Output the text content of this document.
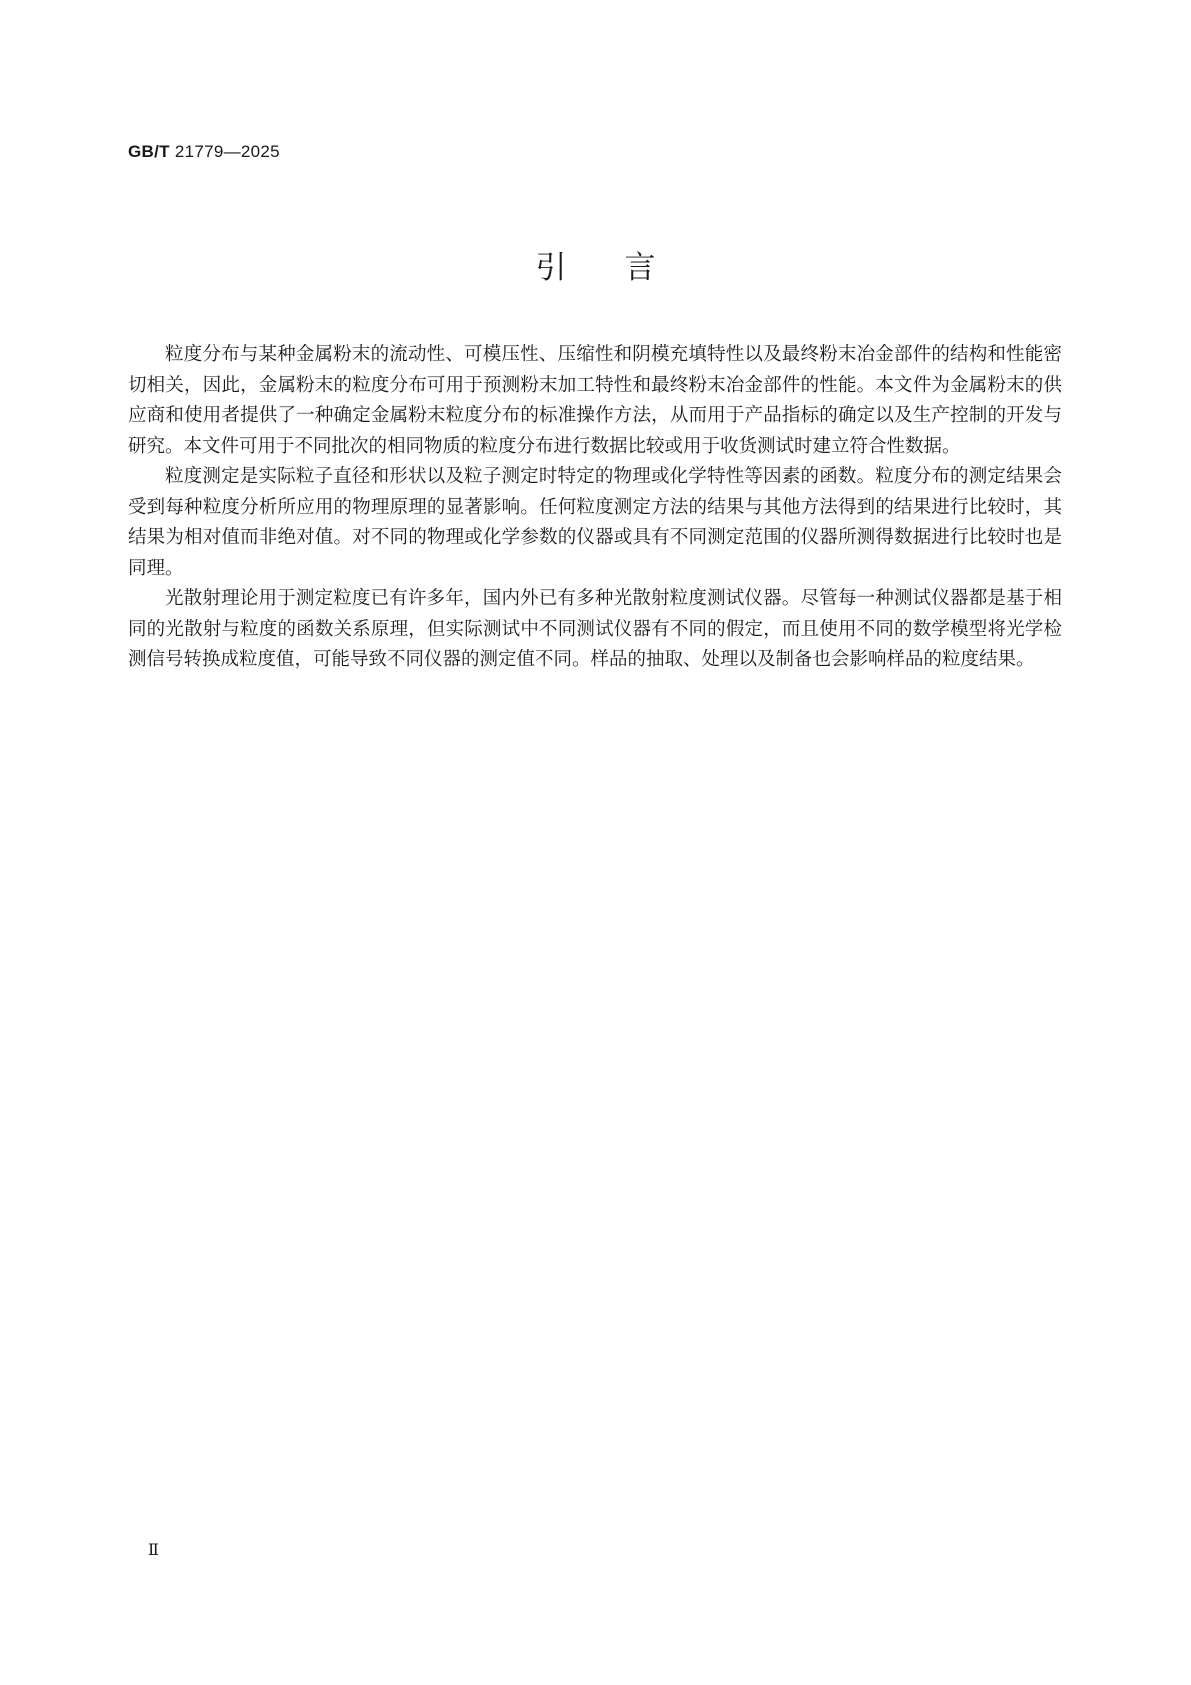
GB/T 21779—2025
引言

粒度分布与某种金属粉末的流动性、可模压性、压缩性和阴模充填特性以及最终粉末冶金部件的结构和性能密切相关，因此，金属粉末的粒度分布可用于预测粉末加工特性和最终粉末冶金部件的性能。本文件为金属粉末的供应商和使用者提供了一种确定金属粉末粒度分布的标准操作方法，从而用于产品指标的确定以及生产控制的开发与研究。本文件可用于不同批次的相同物质的粒度分布进行数据比较或用于收货测试时建立符合性数据。

粒度测定是实际粒子直径和形状以及粒子测定时特定的物理或化学特性等因素的函数。粒度分布的测定结果会受到每种粒度分析所应用的物理原理的显著影响。任何粒度测定方法的结果与其他方法得到的结果进行比较时，其结果为相对值而非绝对值。对不同的物理或化学参数的仪器或具有不同测定范围的仪器所测得数据进行比较时也是同理。

光散射理论用于测定粒度已有许多年，国内外已有多种光散射粒度测试仪器。尽管每一种测试仪器都是基于相同的光散射与粒度的函数关系原理，但实际测试中不同测试仪器有不同的假定，而且使用不同的数学模型将光学检测信号转换成粒度值，可能导致不同仪器的测定值不同。样品的抽取、处理以及制备也会影响样品的粒度结果。

Ⅱ
